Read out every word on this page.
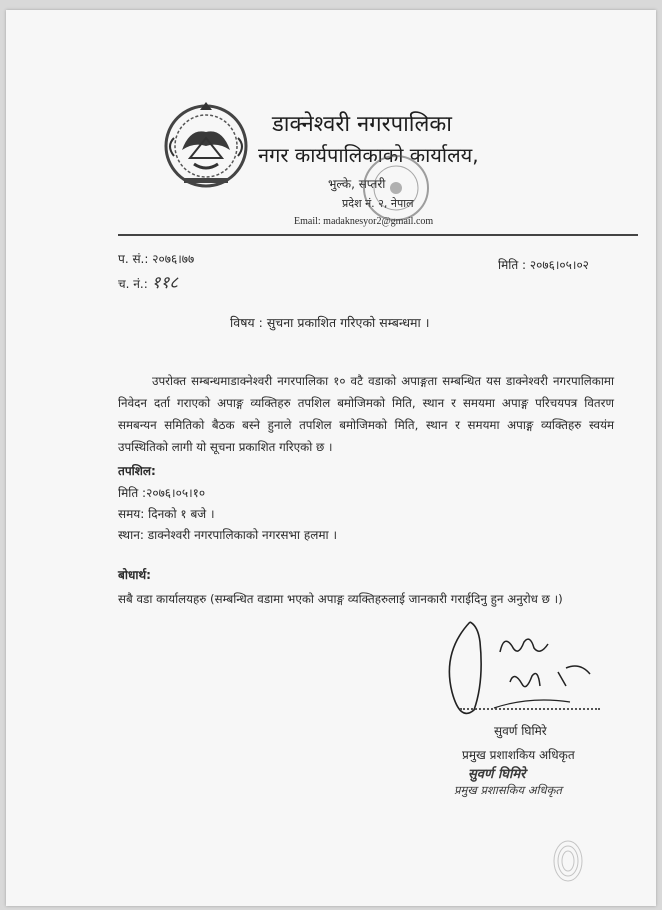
डाक्नेश्वरी नगरपालिका
नगर कार्यपालिकाको कार्यालय,
भुल्के, सप्तरी
प्रदेश नं. २, नेपाल
Email: madaknesyor2@gmail.com
प. सं.: २०७६।७७
च. नं.: ११८
मिति : २०७६।०५।०२
विषय : सुचना प्रकाशित गरिएको सम्बन्धमा ।
उपरोक्त सम्बन्धमाडाक्नेश्वरी नगरपालिका १० वटै वडाको अपाङ्गता सम्बन्धित यस डाक्नेश्वरी नगरपालिकामा निवेदन दर्ता गराएको अपाङ्ग व्यक्तिहरु तपशिल बमोजिमको मिति, स्थान र समयमा अपाङ्ग परिचयपत्र वितरण समबन्यन समितिको बैठक बस्ने हुनाले तपशिल बमोजिमको मिति, स्थान र समयमा अपाङ्ग व्यक्तिहरु स्वयंम उपस्थितिको लागी यो सूचना प्रकाशित गरिएको छ ।
तपशिल:
मिति :२०७६।०५।१०
समय: दिनको १ बजे ।
स्थान: डाक्नेश्वरी नगरपालिकाको नगरसभा हलमा ।
बोधार्थ:
सबै वडा कार्यालयहरु (सम्बन्धित वडामा भएको अपाङ्ग व्यक्तिहरुलाई जानकारी गराईदिनु हुन अनुरोध छ ।)
सुवर्ण घिमिरे
प्रमुख प्रशाशकिय अधिकृत
सुवर्ण घिमिरे
प्रमुख प्रशासकिय अधिकृत
